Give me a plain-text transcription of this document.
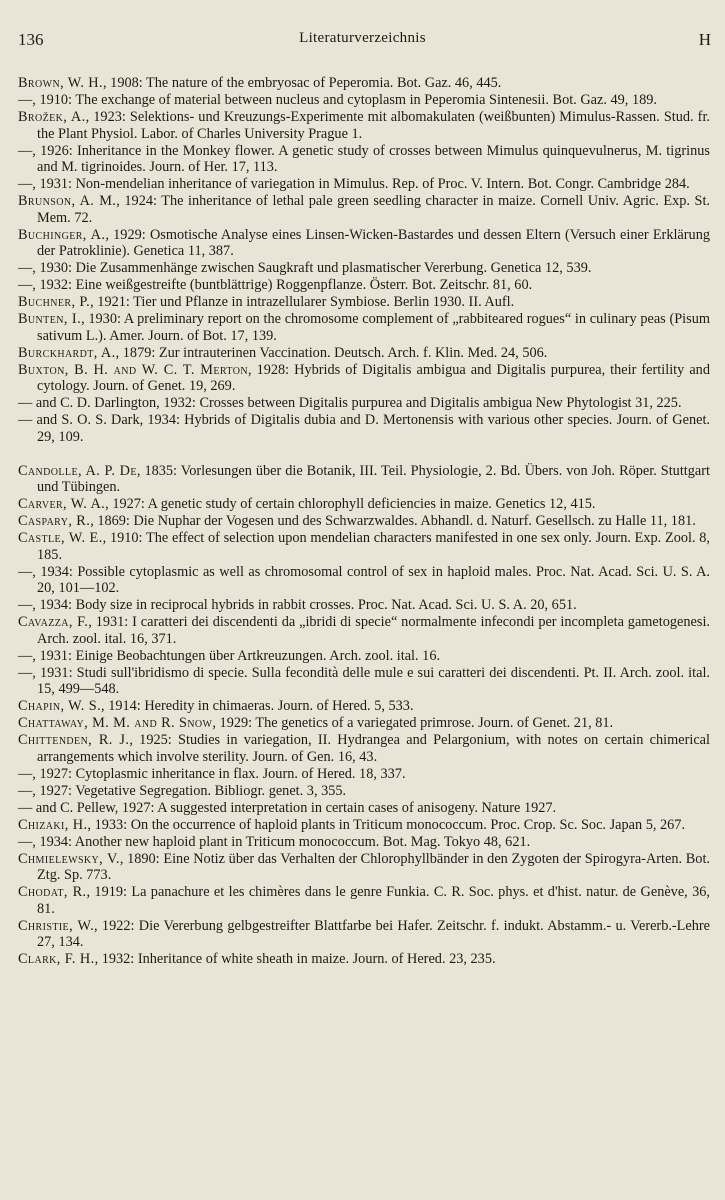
136	Literaturverzeichnis	H
Brown, W. H., 1908: The nature of the embryosac of Peperomia. Bot. Gaz. 46, 445.
—, 1910: The exchange of material between nucleus and cytoplasm in Peperomia Sintenesii. Bot. Gaz. 49, 189.
Brožek, A., 1923: Selektions- und Kreuzungs-Experimente mit albomakulaten (weißbunten) Mimulus-Rassen. Stud. fr. the Plant Physiol. Labor. of Charles University Prague 1.
—, 1926: Inheritance in the Monkey flower. A genetic study of crosses between Mimulus quinquevulnerus, M. tigrinus and M. tigrinoides. Journ. of Her. 17, 113.
—, 1931: Non-mendelian inheritance of variegation in Mimulus. Rep. of Proc. V. Intern. Bot. Congr. Cambridge 284.
Brunson, A. M., 1924: The inheritance of lethal pale green seedling character in maize. Cornell Univ. Agric. Exp. St. Mem. 72.
Buchinger, A., 1929: Osmotische Analyse eines Linsen-Wicken-Bastardes und dessen Eltern (Versuch einer Erklärung der Patroklinie). Genetica 11, 387.
—, 1930: Die Zusammenhänge zwischen Saugkraft und plasmatischer Vererbung. Genetica 12, 539.
—, 1932: Eine weißgestreifte (buntblättrige) Roggenpflanze. Österr. Bot. Zeitschr. 81, 60.
Buchner, P., 1921: Tier und Pflanze in intrazellularer Symbiose. Berlin 1930. II. Aufl.
Bunten, I., 1930: A preliminary report on the chromosome complement of „rabbiteared rogues“ in culinary peas (Pisum sativum L.). Amer. Journ. of Bot. 17, 139.
Burckhardt, A., 1879: Zur intrauterinen Vaccination. Deutsch. Arch. f. Klin. Med. 24, 506.
Buxton, B. H. and W. C. T. Merton, 1928: Hybrids of Digitalis ambigua and Digitalis purpurea, their fertility and cytology. Journ. of Genet. 19, 269.
— and C. D. Darlington, 1932: Crosses between Digitalis purpurea and Digitalis ambigua New Phytologist 31, 225.
— and S. O. S. Dark, 1934: Hybrids of Digitalis dubia and D. Mertonensis with various other species. Journ. of Genet. 29, 109.
Candolle, A. P. De, 1835: Vorlesungen über die Botanik, III. Teil. Physiologie, 2. Bd. Übers. von Joh. Röper. Stuttgart und Tübingen.
Carver, W. A., 1927: A genetic study of certain chlorophyll deficiencies in maize. Genetics 12, 415.
Caspary, R., 1869: Die Nuphar der Vogesen und des Schwarzwaldes. Abhandl. d. Naturf. Gesellsch. zu Halle 11, 181.
Castle, W. E., 1910: The effect of selection upon mendelian characters manifested in one sex only. Journ. Exp. Zool. 8, 185.
—, 1934: Possible cytoplasmic as well as chromosomal control of sex in haploid males. Proc. Nat. Acad. Sci. U. S. A. 20, 101—102.
—, 1934: Body size in reciprocal hybrids in rabbit crosses. Proc. Nat. Acad. Sci. U. S. A. 20, 651.
Cavazza, F., 1931: I caratteri dei discendenti da „ibridi di specie“ normalmente infecondi per incompleta gametogenesi. Arch. zool. ital. 16, 371.
—, 1931: Einige Beobachtungen über Artkreuzungen. Arch. zool. ital. 16.
—, 1931: Studi sull'ibridismo di specie. Sulla fecondità delle mule e sui caratteri dei discendenti. Pt. II. Arch. zool. ital. 15, 499—548.
Chapin, W. S., 1914: Heredity in chimaeras. Journ. of Hered. 5, 533.
Chattaway, M. M. and R. Snow, 1929: The genetics of a variegated primrose. Journ. of Genet. 21, 81.
Chittenden, R. J., 1925: Studies in variegation, II. Hydrangea and Pelargonium, with notes on certain chimerical arrangements which involve sterility. Journ. of Gen. 16, 43.
—, 1927: Cytoplasmic inheritance in flax. Journ. of Hered. 18, 337.
—, 1927: Vegetative Segregation. Bibliogr. genet. 3, 355.
— and C. Pellew, 1927: A suggested interpretation in certain cases of anisogeny. Nature 1927.
Chizaki, H., 1933: On the occurrence of haploid plants in Triticum monococcum. Proc. Crop. Sc. Soc. Japan 5, 267.
—, 1934: Another new haploid plant in Triticum monococcum. Bot. Mag. Tokyo 48, 621.
Chmielewsky, V., 1890: Eine Notiz über das Verhalten der Chlorophyllbänder in den Zygoten der Spirogyra-Arten. Bot. Ztg. Sp. 773.
Chodat, R., 1919: La panachure et les chimères dans le genre Funkia. C. R. Soc. phys. et d'hist. natur. de Genève, 36, 81.
Christie, W., 1922: Die Vererbung gelbgestreifter Blattfarbe bei Hafer. Zeitschr. f. indukt. Abstamm.- u. Vererb.-Lehre 27, 134.
Clark, F. H., 1932: Inheritance of white sheath in maize. Journ. of Hered. 23, 235.
